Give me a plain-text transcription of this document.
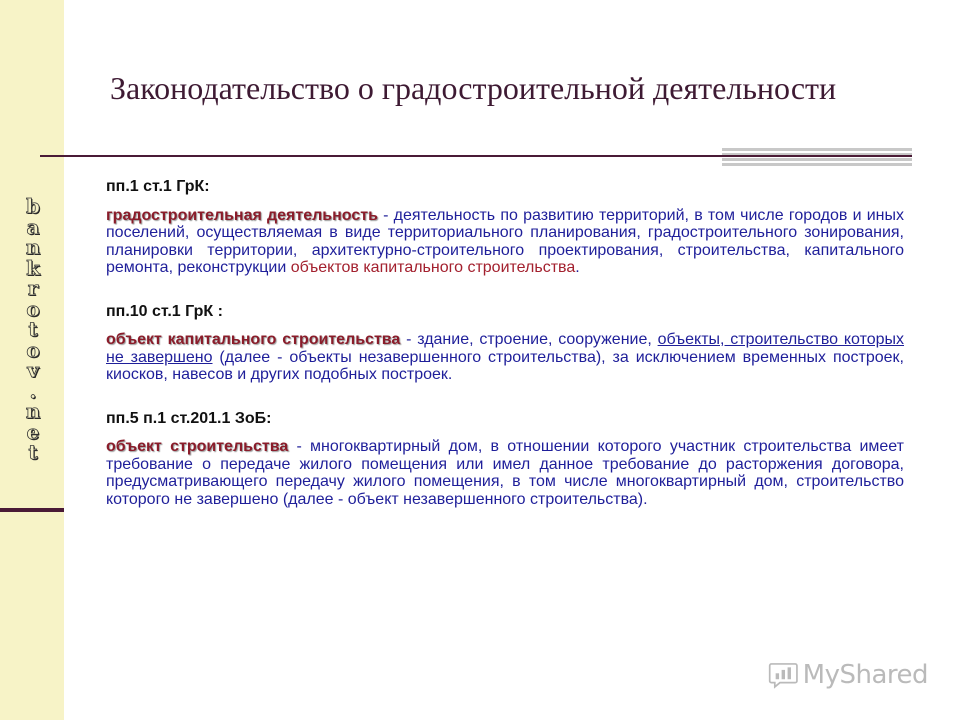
b
a
n
k
r
o
t
o
v
.
n
e
t
Законодательство о градостроительной деятельности

пп.1 ст.1 ГрК:

градостроительная деятельность - деятельность по развитию территорий, в том числе городов и иных поселений, осуществляемая в виде территориального планирования, градостроительного зонирования, планировки территории, архитектурно-строительного проектирования, строительства, капитального ремонта, реконструкции объектов капитального строительства.

пп.10 ст.1 ГрК :

объект капитального строительства - здание, строение, сооружение, объекты, строительство которых не завершено (далее - объекты незавершенного строительства), за исключением временных построек, киосков, навесов и других подобных построек.

пп.5 п.1 ст.201.1 ЗоБ:

объект строительства - многоквартирный дом, в отношении которого участник строительства имеет требование о передаче жилого помещения или имел данное требование до расторжения договора, предусматривающего передачу жилого помещения, в том числе многоквартирный дом, строительство которого не завершено (далее - объект незавершенного строительства).

MyShared
